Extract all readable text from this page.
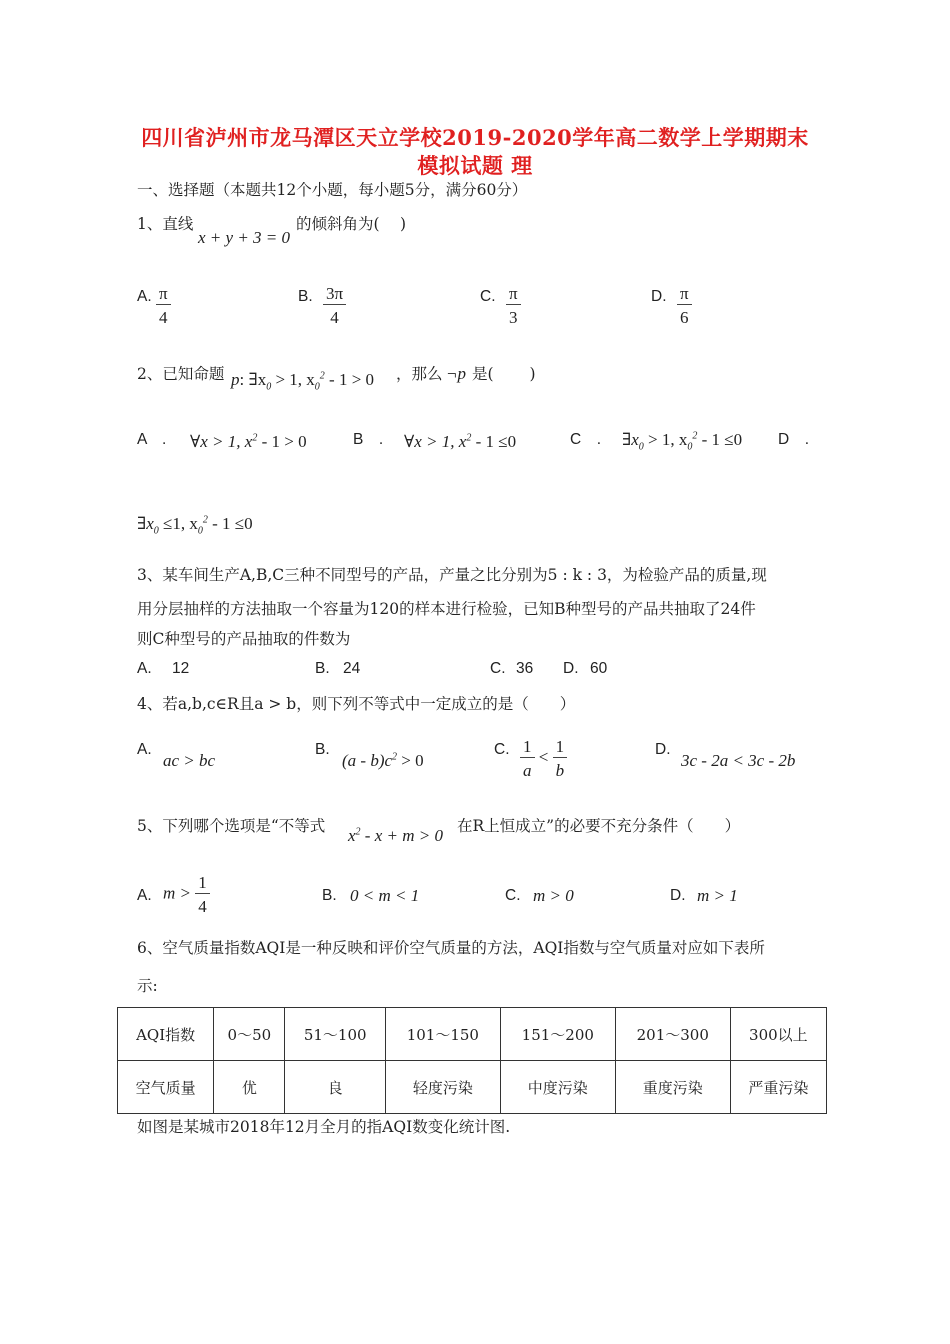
四川省泸州市龙马潭区天立学校2019-2020学年高二数学上学期期末
模拟试题 理
一、选择题（本题共12个小题，每小题5分，满分60分）
1、直线
x + y + 3 = 0
的倾斜角为(　 )
A. $\frac{\pi}{4}$	B. $\frac{3\pi}{4}$	C. $\frac{\pi}{3}$	D. $\frac{\pi}{6}$
2、已知命题 p: $\exists x_0 > 1$, $x_0^2 - 1 > 0$ ，那么 ¬p 是(　 　)
A　. ∀x > 1, $x^2 - 1 > 0$	B　. ∀x > 1, $x^2 - 1 \le 0$	C　. $\exists x_0 > 1$, $x_0^2 - 1 \le 0$ D　.
$\exists x_0 \le 1$, $x_0^2 - 1 \le 0$
3、某车间生产A,B,C三种不同型号的产品，产量之比分别为5 : k : 3，为检验产品的质量,现
用分层抽样的方法抽取一个容量为120的样本进行检验，已知B种型号的产品共抽取了24件
则C种型号的产品抽取的件数为
A. 12	B. 24	C. 36 D. 60
4、若a,b,c∈R且a > b，则下列不等式中一定成立的是（　　）
A.
ac > bc
B.
$(a - b)c^2 > 0$
C. $\frac{1}{a} < \frac{1}{b}$	D.
3c - 2a < 3c - 2b
5、下列哪个选项是“不等式 $x^2 - x + m > 0$ 在R上恒成立”的必要不充分条件（　　）
A. $m > \frac{1}{4}$	B. 0 < m < 1	C. m > 0	D. m > 1
6、空气质量指数AQI是一种反映和评价空气质量的方法，AQI指数与空气质量对应如下表所
示:
AQI指数	0～50	51～100	101～150	151～200	201～300	300以上
空气质量	优	良	轻度污染	中度污染	重度污染	严重污染
如图是某城市2018年12月全月的指AQI数变化统计图.
